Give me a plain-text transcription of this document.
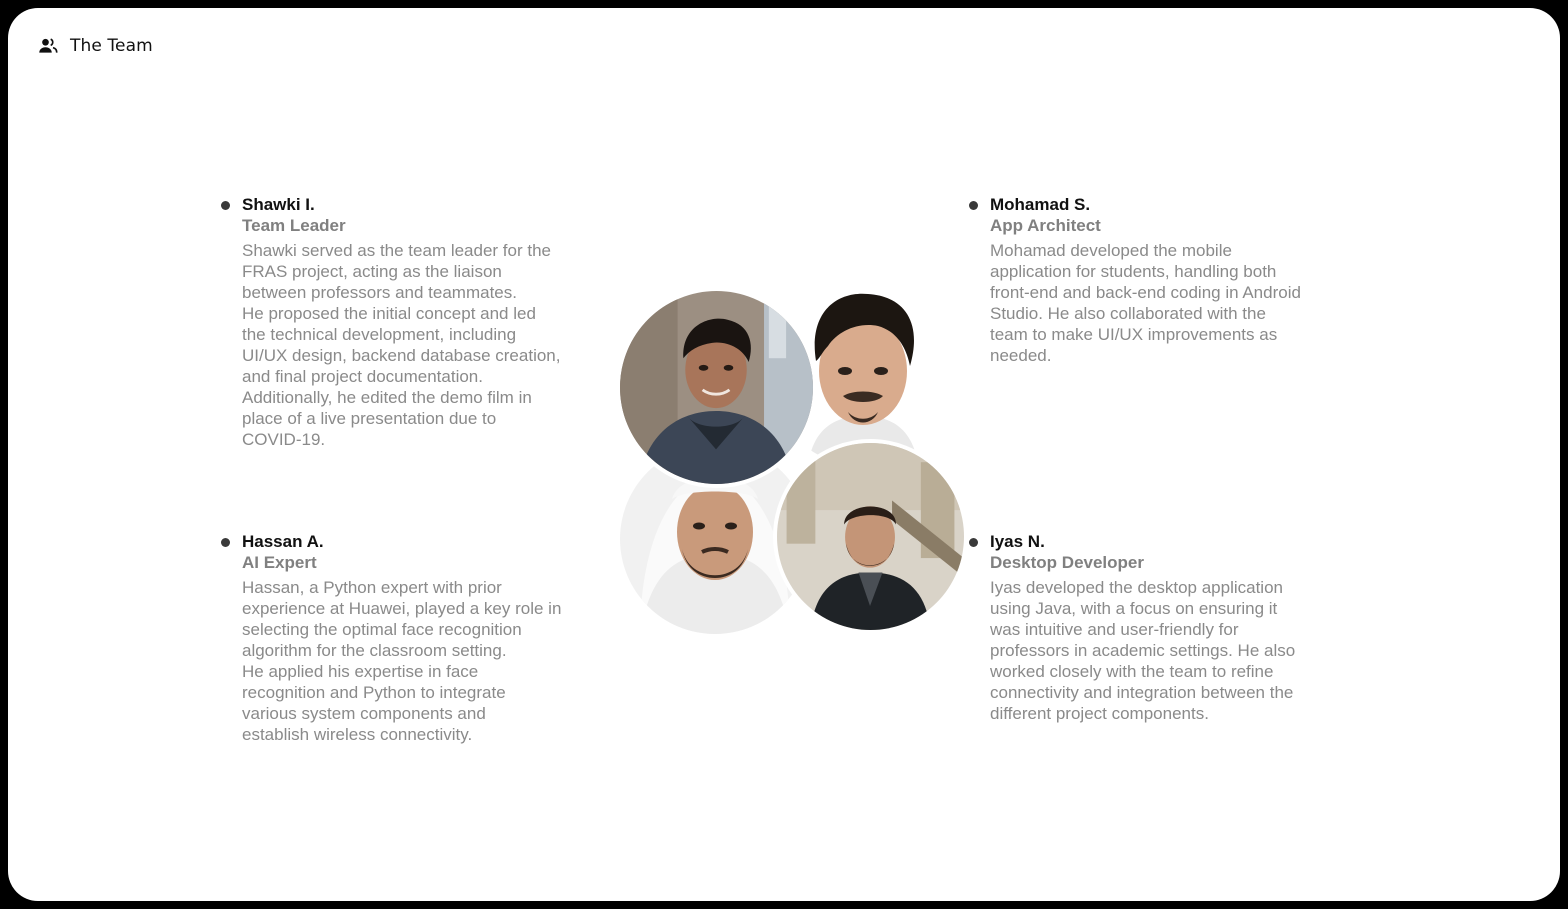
The Team
Shawki I.
Team Leader
Shawki served as the team leader for the
FRAS project, acting as the liaison
between professors and teammates.
He proposed the initial concept and led
the technical development, including
UI/UX design, backend database creation,
and final project documentation.
Additionally, he edited the demo film in
place of a live presentation due to
COVID-19.
Mohamad S.
App Architect
Mohamad developed the mobile
application for students, handling both
front-end and back-end coding in Android
Studio. He also collaborated with the
team to make UI/UX improvements as
needed.
Hassan A.
AI Expert
Hassan, a Python expert with prior
experience at Huawei, played a key role in
selecting the optimal face recognition
algorithm for the classroom setting.
He applied his expertise in face
recognition and Python to integrate
various system components and
establish wireless connectivity.
Iyas N.
Desktop Developer
Iyas developed the desktop application
using Java, with a focus on ensuring it
was intuitive and user-friendly for
professors in academic settings. He also
worked closely with the team to refine
connectivity and integration between the
different project components.
